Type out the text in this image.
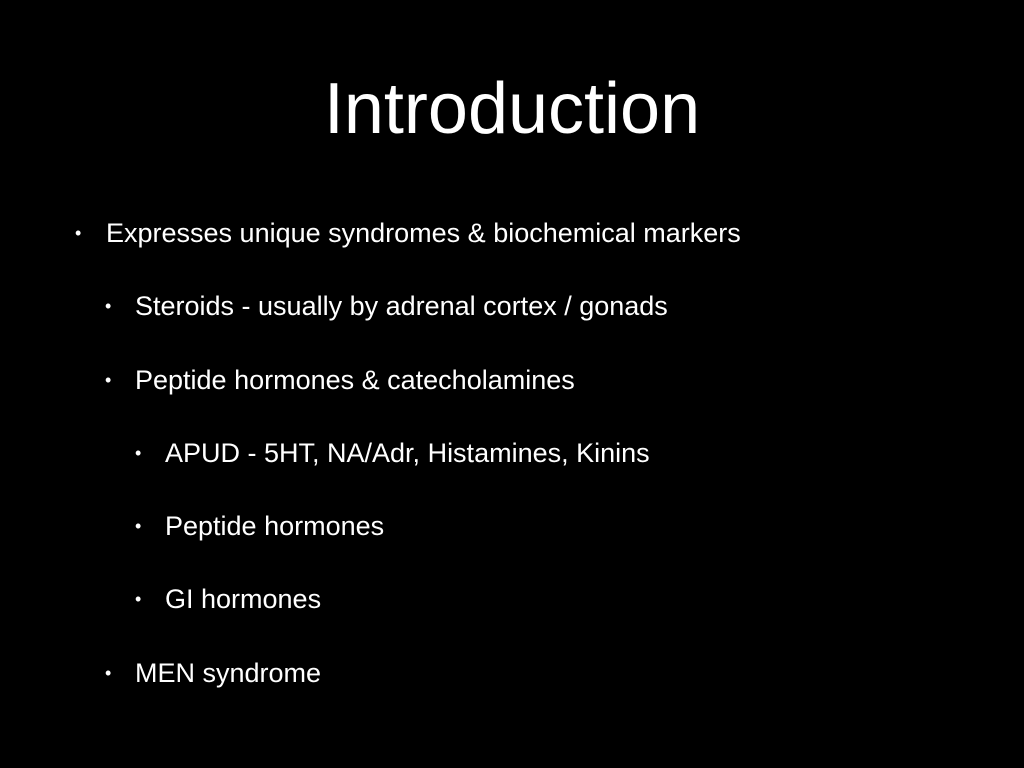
Introduction
• Expresses unique syndromes & biochemical markers
• Steroids - usually by adrenal cortex / gonads
• Peptide hormones & catecholamines
• APUD - 5HT, NA/Adr, Histamines, Kinins
• Peptide hormones
• GI hormones
• MEN syndrome
